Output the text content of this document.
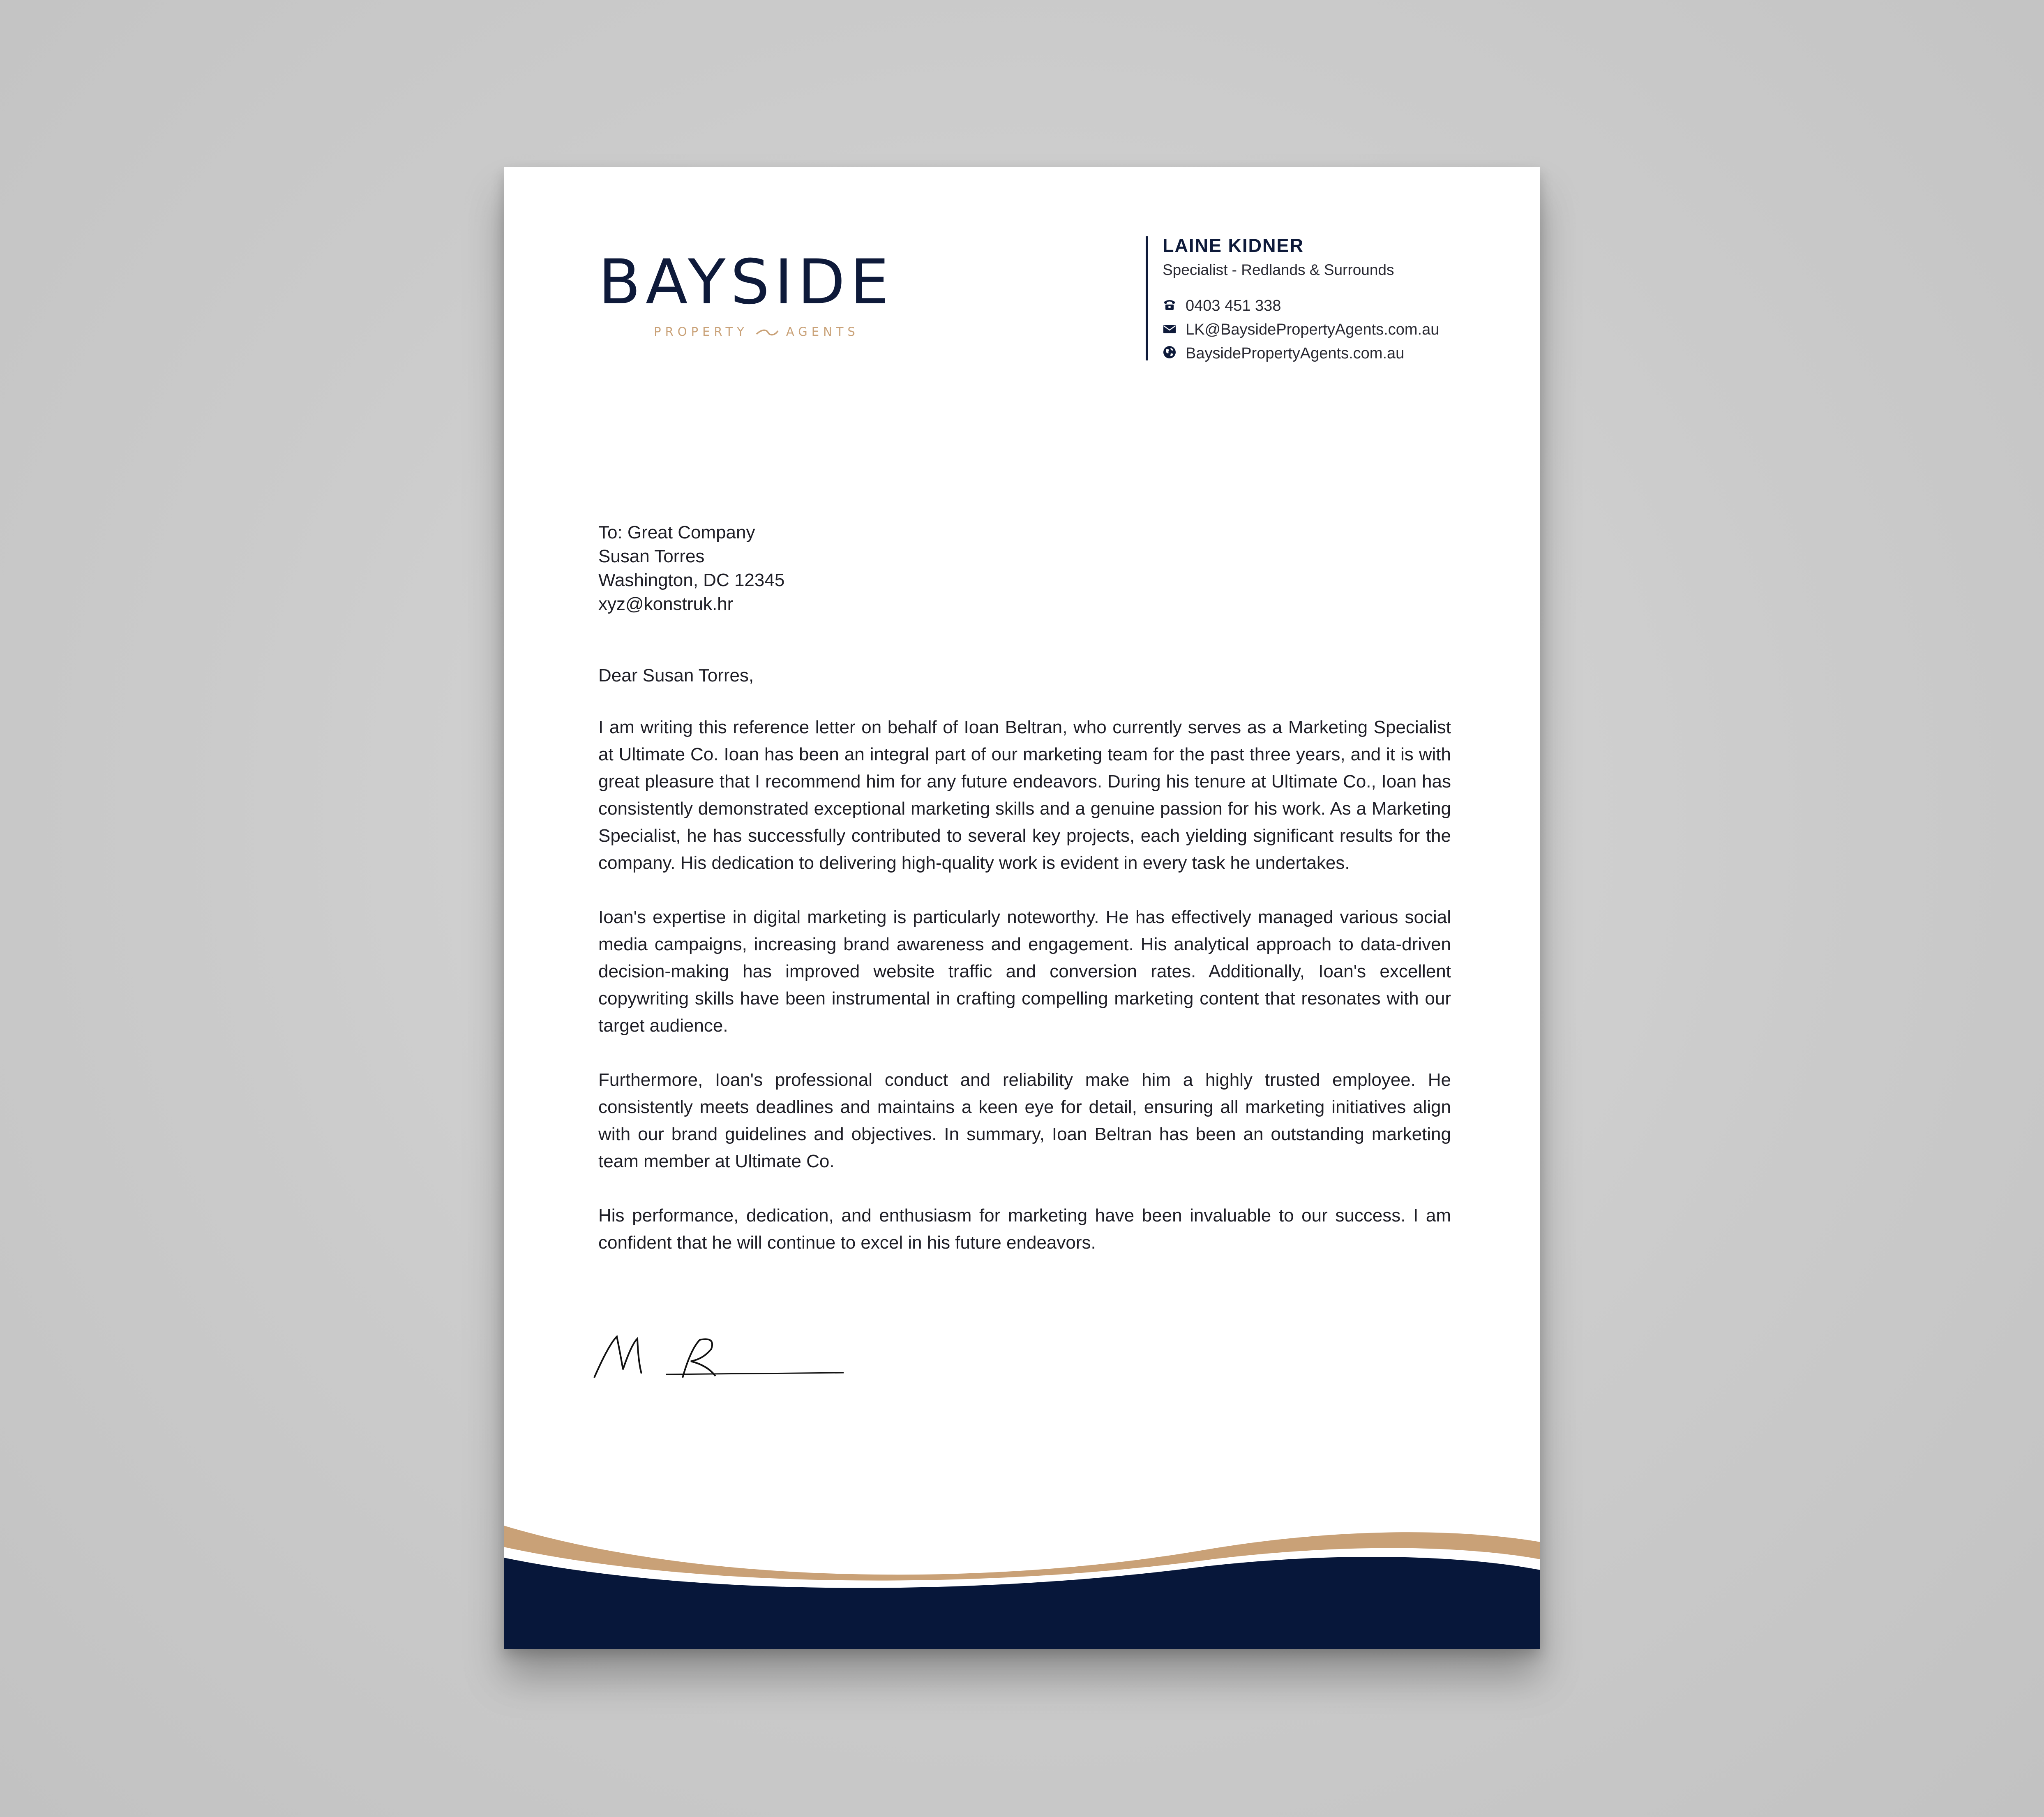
BAYSIDE
PROPERTY	AGENTS
LAINE KIDNER
Specialist - Redlands & Surrounds
0403 451 338
LK@BaysidePropertyAgents.com.au
BaysidePropertyAgents.com.au
To: Great Company
Susan Torres
Washington, DC 12345
xyz@konstruk.hr
Dear Susan Torres,

I am writing this reference letter on behalf of Ioan Beltran, who currently serves as a Marketing Specialist at Ultimate Co. Ioan has been an integral part of our marketing team for the past three years, and it is with great pleasure that I recommend him for any future endeavors. During his tenure at Ultimate Co., Ioan has consistently demonstrated exceptional marketing skills and a genuine passion for his work. As a Marketing Specialist, he has successfully contributed to several key projects, each yielding significant results for the company. His dedication to delivering high-quality work is evident in every task he undertakes.

Ioan's expertise in digital marketing is particularly noteworthy. He has effectively managed various social media campaigns, increasing brand awareness and engagement. His analytical approach to data-driven decision-making has improved website traffic and conversion rates. Additionally, Ioan's excellent copywriting skills have been instrumental in crafting compelling marketing content that resonates with our target audience.

Furthermore, Ioan's professional conduct and reliability make him a highly trusted employee. He consistently meets deadlines and maintains a keen eye for detail, ensuring all marketing initiatives align with our brand guidelines and objectives. In summary, Ioan Beltran has been an outstanding marketing team member at Ultimate Co.

His performance, dedication, and enthusiasm for marketing have been invaluable to our success. I am confident that he will continue to excel in his future endeavors.
